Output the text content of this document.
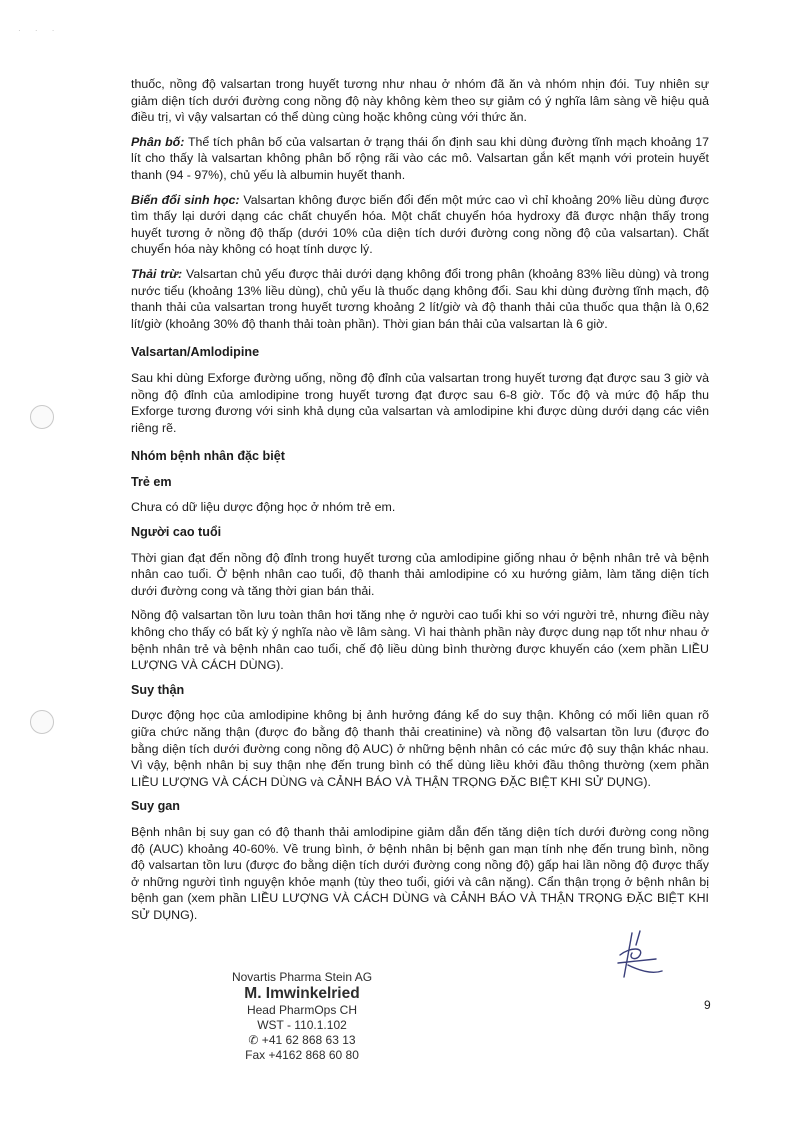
· · ·

thuốc, nồng độ valsartan trong huyết tương như nhau ở nhóm đã ăn và nhóm nhịn đói. Tuy nhiên sự giảm diện tích dưới đường cong nồng độ này không kèm theo sự giảm có ý nghĩa lâm sàng về hiệu quả điều trị, vì vậy valsartan có thể dùng cùng hoặc không cùng với thức ăn.

Phân bố: Thể tích phân bố của valsartan ở trạng thái ổn định sau khi dùng đường tĩnh mạch khoảng 17 lít cho thấy là valsartan không phân bố rộng rãi vào các mô. Valsartan gắn kết mạnh với protein huyết thanh (94 - 97%), chủ yếu là albumin huyết thanh.

Biến đổi sinh học: Valsartan không được biến đổi đến một mức cao vì chỉ khoảng 20% liều dùng được tìm thấy lại dưới dạng các chất chuyển hóa. Một chất chuyển hóa hydroxy đã được nhận thấy trong huyết tương ở nồng độ thấp (dưới 10% của diện tích dưới đường cong nồng độ của valsartan). Chất chuyển hóa này không có hoạt tính dược lý.

Thải trừ: Valsartan chủ yếu được thải dưới dạng không đổi trong phân (khoảng 83% liều dùng) và trong nước tiểu (khoảng 13% liều dùng), chủ yếu là thuốc dạng không đổi. Sau khi dùng đường tĩnh mạch, độ thanh thải của valsartan trong huyết tương khoảng 2 lít/giờ và độ thanh thải của thuốc qua thận là 0,62 lít/giờ (khoảng 30% độ thanh thải toàn phần). Thời gian bán thải của valsartan là 6 giờ.

Valsartan/Amlodipine

Sau khi dùng Exforge đường uống, nồng độ đỉnh của valsartan trong huyết tương đạt được sau 3 giờ và nồng độ đỉnh của amlodipine trong huyết tương đạt được sau 6-8 giờ. Tốc độ và mức độ hấp thu Exforge tương đương với sinh khả dụng của valsartan và amlodipine khi được dùng dưới dạng các viên riêng rẽ.

Nhóm bệnh nhân đặc biệt
Trẻ em

Chưa có dữ liệu dược động học ở nhóm trẻ em.

Người cao tuổi

Thời gian đạt đến nồng độ đỉnh trong huyết tương của amlodipine giống nhau ở bệnh nhân trẻ và bệnh nhân cao tuổi. Ở bệnh nhân cao tuổi, độ thanh thải amlodipine có xu hướng giảm, làm tăng diện tích dưới đường cong và tăng thời gian bán thải.

Nồng độ valsartan tồn lưu toàn thân hơi tăng nhẹ ở người cao tuổi khi so với người trẻ, nhưng điều này không cho thấy có bất kỳ ý nghĩa nào về lâm sàng. Vì hai thành phần này được dung nạp tốt như nhau ở bệnh nhân trẻ và bệnh nhân cao tuổi, chế độ liều dùng bình thường được khuyến cáo (xem phần LIỀU LƯỢNG VÀ CÁCH DÙNG).

Suy thận

Dược động học của amlodipine không bị ảnh hưởng đáng kể do suy thận. Không có mối liên quan rõ giữa chức năng thận (được đo bằng độ thanh thải creatinine) và nồng độ valsartan tồn lưu (được đo bằng diện tích dưới đường cong nồng độ AUC) ở những bệnh nhân có các mức độ suy thận khác nhau. Vì vậy, bệnh nhân bị suy thận nhẹ đến trung bình có thể dùng liều khởi đầu thông thường (xem phần LIỀU LƯỢNG VÀ CÁCH DÙNG và CẢNH BÁO VÀ THẬN TRỌNG ĐẶC BIỆT KHI SỬ DỤNG).

Suy gan

Bệnh nhân bị suy gan có độ thanh thải amlodipine giảm dẫn đến tăng diện tích dưới đường cong nồng độ (AUC) khoảng 40-60%. Về trung bình, ở bệnh nhân bị bệnh gan mạn tính nhẹ đến trung bình, nồng độ valsartan tồn lưu (được đo bằng diện tích dưới đường cong nồng độ) gấp hai lần nồng độ được thấy ở những người tình nguyện khỏe mạnh (tùy theo tuổi, giới và cân nặng). Cẩn thận trọng ở bệnh nhân bị bệnh gan (xem phần LIỀU LƯỢNG VÀ CÁCH DÙNG và CẢNH BÁO VÀ THẬN TRỌNG ĐẶC BIỆT KHI SỬ DỤNG).

Novartis Pharma Stein AG
M. Imwinkelried
Head PharmOps CH
WST - 110.1.102
✆ +41 62 868 63 13
Fax +4162 868 60 80
9
